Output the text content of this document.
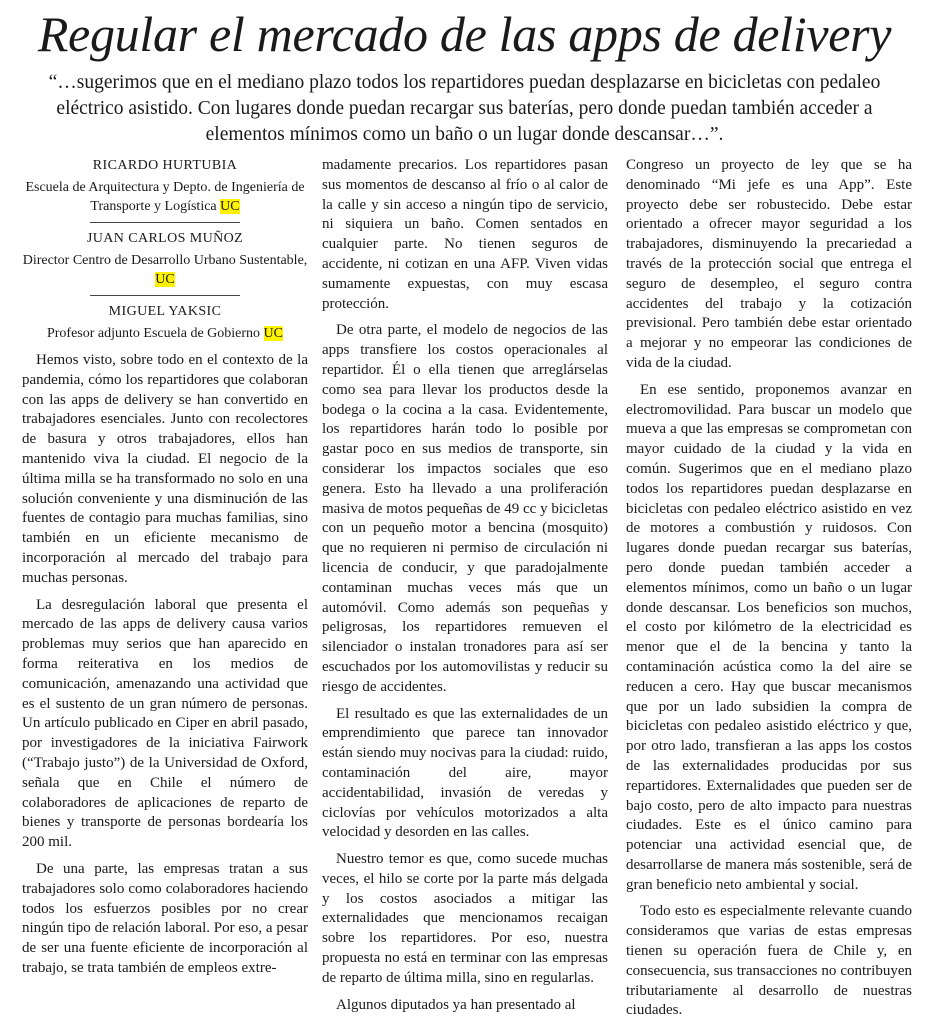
Regular el mercado de las apps de delivery
“…sugerimos que en el mediano plazo todos los repartidores puedan desplazarse en bicicletas con pedaleo eléctrico asistido. Con lugares donde puedan recargar sus baterías, pero donde puedan también acceder a elementos mínimos como un baño o un lugar donde descansar…”.
RICARDO HURTUBIA
Escuela de Arquitectura y Depto. de Ingeniería de Transporte y Logística UC
JUAN CARLOS MUÑOZ
Director Centro de Desarrollo Urbano Sustentable, UC
MIGUEL YAKSIC
Profesor adjunto Escuela de Gobierno UC

Hemos visto, sobre todo en el contexto de la pandemia, cómo los repartidores que colaboran con las apps de delivery se han convertido en trabajadores esenciales. Junto con recolectores de basura y otros trabajadores, ellos han mantenido viva la ciudad. El negocio de la última milla se ha transformado no solo en una solución conveniente y una disminución de las fuentes de contagio para muchas familias, sino también en un eficiente mecanismo de incorporación al mercado del trabajo para muchas personas.

La desregulación laboral que presenta el mercado de las apps de delivery causa varios problemas muy serios que han aparecido en forma reiterativa en los medios de comunicación, amenazando una actividad que es el sustento de un gran número de personas. Un artículo publicado en Ciper en abril pasado, por investigadores de la iniciativa Fairwork (“Trabajo justo”) de la Universidad de Oxford, señala que en Chile el número de colaboradores de aplicaciones de reparto de bienes y transporte de personas bordearía los 200 mil.

De una parte, las empresas tratan a sus trabajadores solo como colaboradores haciendo todos los esfuerzos posibles por no crear ningún tipo de relación laboral. Por eso, a pesar de ser una fuente eficiente de incorporación al trabajo, se trata también de empleos extre-

madamente precarios. Los repartidores pasan sus momentos de descanso al frío o al calor de la calle y sin acceso a ningún tipo de servicio, ni siquiera un baño. Comen sentados en cualquier parte. No tienen seguros de accidente, ni cotizan en una AFP. Viven vidas sumamente expuestas, con muy escasa protección.

De otra parte, el modelo de negocios de las apps transfiere los costos operacionales al repartidor. Él o ella tienen que arreglárselas como sea para llevar los productos desde la bodega o la cocina a la casa. Evidentemente, los repartidores harán todo lo posible por gastar poco en sus medios de transporte, sin considerar los impactos sociales que eso genera. Esto ha llevado a una proliferación masiva de motos pequeñas de 49 cc y bicicletas con un pequeño motor a bencina (mosquito) que no requieren ni permiso de circulación ni licencia de conducir, y que paradojalmente contaminan muchas veces más que un automóvil. Como además son pequeñas y peligrosas, los repartidores remueven el silenciador o instalan tronadores para así ser escuchados por los automovilistas y reducir su riesgo de accidentes.

El resultado es que las externalidades de un emprendimiento que parece tan innovador están siendo muy nocivas para la ciudad: ruido, contaminación del aire, mayor accidentabilidad, invasión de veredas y ciclovías por vehículos motorizados a alta velocidad y desorden en las calles.

Nuestro temor es que, como sucede muchas veces, el hilo se corte por la parte más delgada y los costos asociados a mitigar las externalidades que mencionamos recaigan sobre los repartidores. Por eso, nuestra propuesta no está en terminar con las empresas de reparto de última milla, sino en regularlas.

Algunos diputados ya han presentado al

Congreso un proyecto de ley que se ha denominado “Mi jefe es una App”. Este proyecto debe ser robustecido. Debe estar orientado a ofrecer mayor seguridad a los trabajadores, disminuyendo la precariedad a través de la protección social que entrega el seguro de desempleo, el seguro contra accidentes del trabajo y la cotización previsional. Pero también debe estar orientado a mejorar y no empeorar las condiciones de vida de la ciudad.

En ese sentido, proponemos avanzar en electromovilidad. Para buscar un modelo que mueva a que las empresas se comprometan con mayor cuidado de la ciudad y la vida en común. Sugerimos que en el mediano plazo todos los repartidores puedan desplazarse en bicicletas con pedaleo eléctrico asistido en vez de motores a combustión y ruidosos. Con lugares donde puedan recargar sus baterías, pero donde puedan también acceder a elementos mínimos, como un baño o un lugar donde descansar. Los beneficios son muchos, el costo por kilómetro de la electricidad es menor que el de la bencina y tanto la contaminación acústica como la del aire se reducen a cero. Hay que buscar mecanismos que por un lado subsidien la compra de bicicletas con pedaleo asistido eléctrico y que, por otro lado, transfieran a las apps los costos de las externalidades producidas por sus repartidores. Externalidades que pueden ser de bajo costo, pero de alto impacto para nuestras ciudades. Este es el único camino para potenciar una actividad esencial que, de desarrollarse de manera más sostenible, será de gran beneficio neto ambiental y social.

Todo esto es especialmente relevante cuando consideramos que varias de estas empresas tienen su operación fuera de Chile y, en consecuencia, sus transacciones no contribuyen tributariamente al desarrollo de nuestras ciudades.
